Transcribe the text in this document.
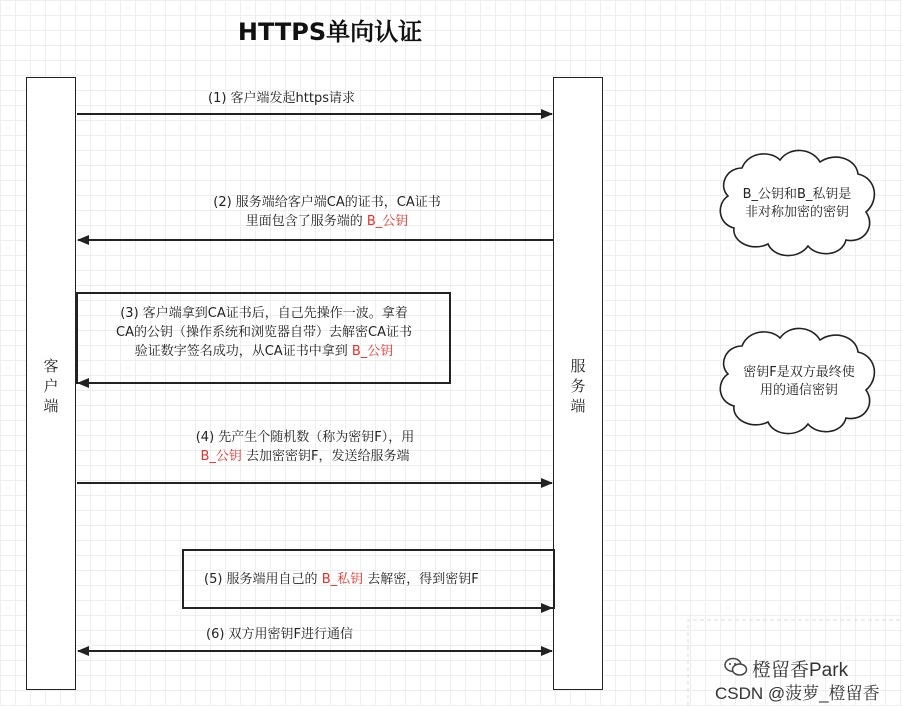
HTTPS单向认证
客
户
端
服
务
端
(1) 客户端发起https请求
(2) 服务端给客户端CA的证书，CA证书
里面包含了服务端的 B_公钥
(3) 客户端拿到CA证书后，自己先操作一波。拿着
CA的公钥（操作系统和浏览器自带）去解密CA证书
验证数字签名成功，从CA证书中拿到 B_公钥
(4) 先产生个随机数（称为密钥F），用
B_公钥 去加密密钥F，发送给服务端
(5) 服务端用自己的 B_私钥 去解密，得到密钥F
(6) 双方用密钥F进行通信
B_公钥和B_私钥是
非对称加密的密钥
密钥F是双方最终使
用的通信密钥
橙留香Park
CSDN @菠萝_橙留香
